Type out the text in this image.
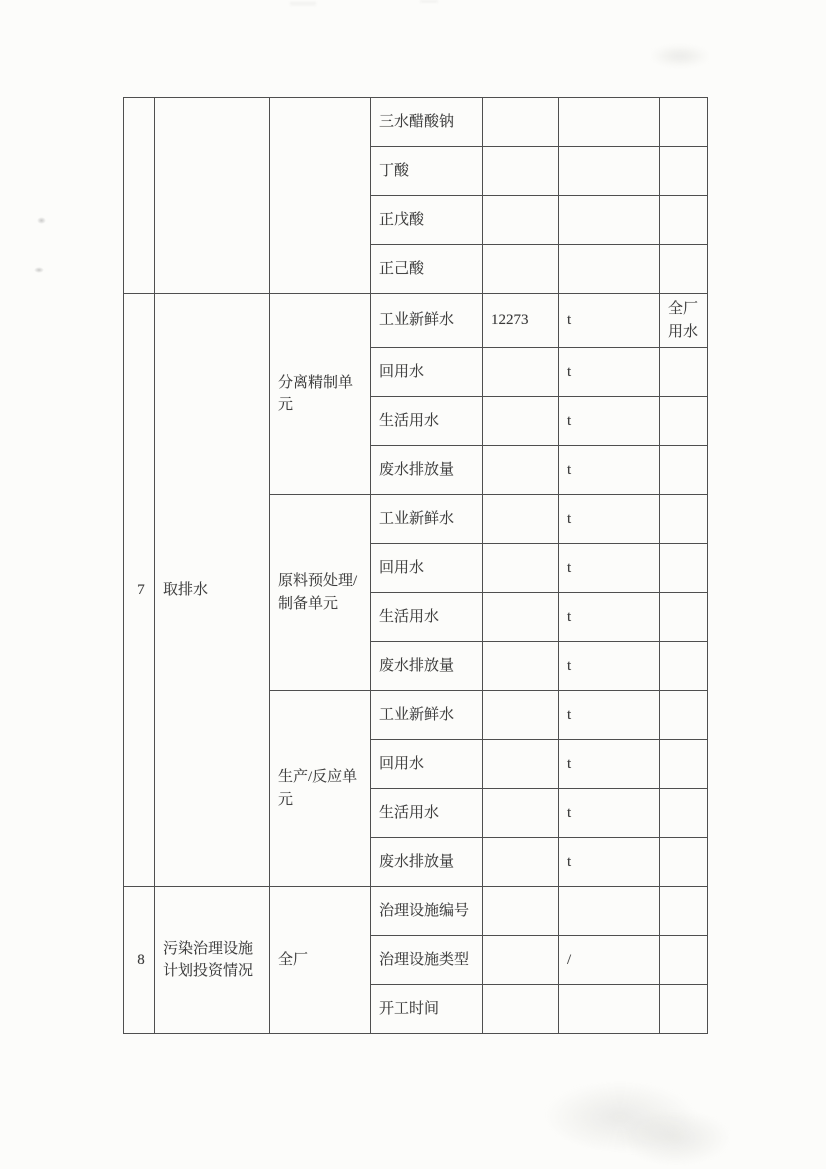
			三水醋酸钠			
			丁酸			
			正戊酸			
			正己酸			
7	取排水	分离精制单元	工业新鲜水	12273	t	全厂用水
			回用水		t	
			生活用水		t	
			废水排放量		t	
		原料预处理/制备单元	工业新鲜水		t	
			回用水		t	
			生活用水		t	
			废水排放量		t	
		生产/反应单元	工业新鲜水		t	
			回用水		t	
			生活用水		t	
			废水排放量		t	
8	污染治理设施计划投资情况	全厂	治理设施编号			
			治理设施类型		/	
			开工时间			
